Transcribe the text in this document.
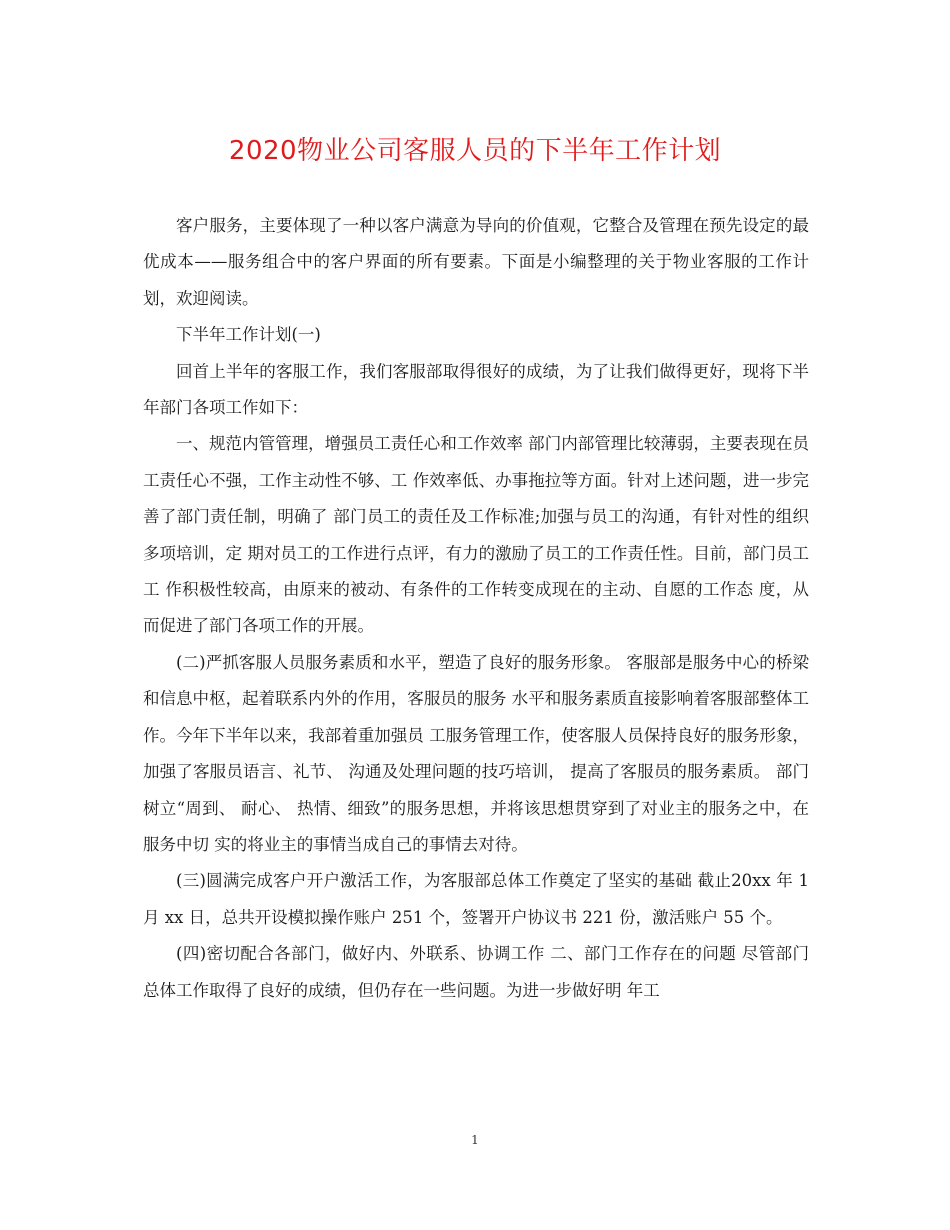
2020物业公司客服人员的下半年工作计划

客户服务，主要体现了一种以客户满意为导向的价值观，它整合及管理在预先设定的最优成本——服务组合中的客户界面的所有要素。下面是小编整理的关于物业客服的工作计划，欢迎阅读。

下半年工作计划(一)

回首上半年的客服工作，我们客服部取得很好的成绩，为了让我们做得更好，现将下半年部门各项工作如下：

一、规范内管管理，增强员工责任心和工作效率 部门内部管理比较薄弱，主要表现在员工责任心不强，工作主动性不够、工 作效率低、办事拖拉等方面。针对上述问题，进一步完善了部门责任制，明确了 部门员工的责任及工作标准;加强与员工的沟通，有针对性的组织多项培训，定 期对员工的工作进行点评，有力的激励了员工的工作责任性。目前，部门员工工 作积极性较高，由原来的被动、有条件的工作转变成现在的主动、自愿的工作态 度，从而促进了部门各项工作的开展。

(二)严抓客服人员服务素质和水平，塑造了良好的服务形象。 客服部是服务中心的桥梁和信息中枢，起着联系内外的作用，客服员的服务 水平和服务素质直接影响着客服部整体工作。今年下半年以来，我部着重加强员 工服务管理工作，使客服人员保持良好的服务形象，加强了客服员语言、礼节、 沟通及处理问题的技巧培训， 提高了客服员的服务素质。 部门树立“周到、 耐心、 热情、细致”的服务思想，并将该思想贯穿到了对业主的服务之中，在服务中切 实的将业主的事情当成自己的事情去对待。

(三)圆满完成客户开户激活工作，为客服部总体工作奠定了坚实的基础 截止20xx 年 1 月 xx 日，总共开设模拟操作账户 251 个，签署开户协议书 221 份，激活账户 55 个。

(四)密切配合各部门，做好内、外联系、协调工作 二、部门工作存在的问题 尽管部门总体工作取得了良好的成绩，但仍存在一些问题。为进一步做好明 年工

1
